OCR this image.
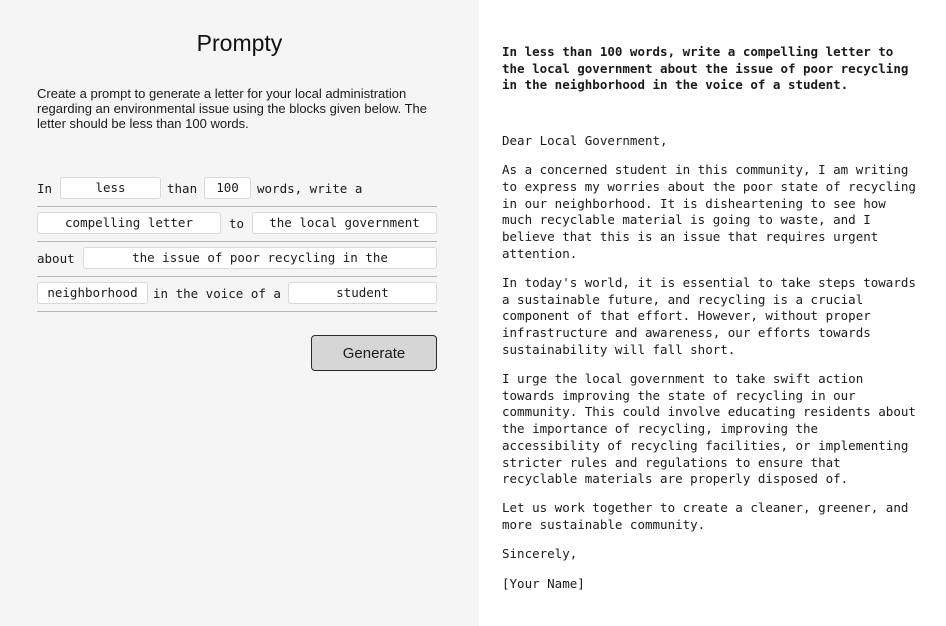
Prompty

Create a prompt to generate a letter for your local administration regarding an environmental issue using the blocks given below. The letter should be less than 100 words.

In	less	than	100	words, write a
compelling letter	to	the local government
about	the issue of poor recycling in the
neighborhood	in the voice of a	student
Generate

In less than 100 words, write a compelling letter to the local government about the issue of poor recycling in the neighborhood in the voice of a student.

Dear Local Government,

As a concerned student in this community, I am writing to express my worries about the poor state of recycling in our neighborhood. It is disheartening to see how much recyclable material is going to waste, and I believe that this is an issue that requires urgent attention.

In today's world, it is essential to take steps towards a sustainable future, and recycling is a crucial component of that effort. However, without proper infrastructure and awareness, our efforts towards sustainability will fall short.

I urge the local government to take swift action towards improving the state of recycling in our community. This could involve educating residents about the importance of recycling, improving the accessibility of recycling facilities, or implementing stricter rules and regulations to ensure that recyclable materials are properly disposed of.

Let us work together to create a cleaner, greener, and more sustainable community.

Sincerely,

[Your Name]
